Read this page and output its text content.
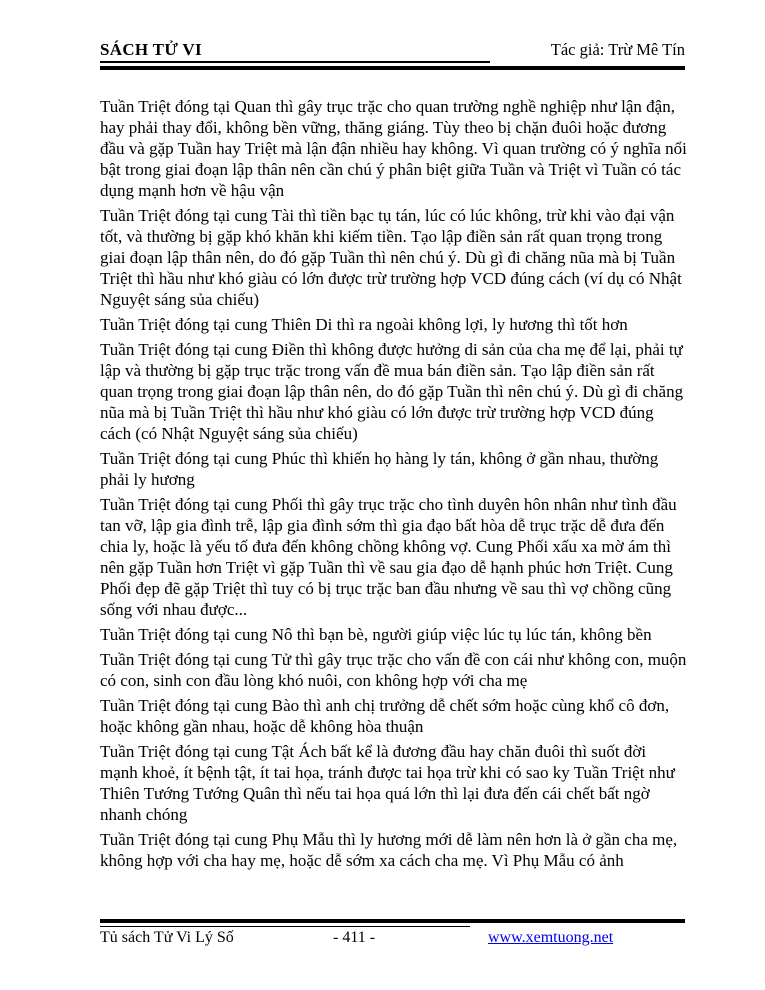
SÁCH TỬ VI	Tác giả: Trừ Mê Tín

Tuần Triệt đóng tại Quan thì gây trục trặc cho quan trường nghề nghiệp như lận đận, hay phải thay đổi, không bền vững, thăng giáng. Tùy theo bị chặn đuôi hoặc đương đầu và gặp Tuần hay Triệt mà lận đận nhiều hay không. Vì quan trường có ý nghĩa nổi bật trong giai đoạn lập thân nên cần chú ý phân biệt giữa Tuần và Triệt vì Tuần có tác dụng mạnh hơn về hậu vận

Tuần Triệt đóng tại cung Tài thì tiền bạc tụ tán, lúc có lúc không, trừ khi vào đại vận tốt, và thường bị gặp khó khăn khi kiếm tiền. Tạo lập điền sản rất quan trọng trong giai đoạn lập thân nên, do đó gặp Tuần thì nên chú ý. Dù gì đi chăng nũa mà bị Tuần Triệt thì hầu như khó giàu có lớn được trừ trường hợp VCD đúng cách (ví dụ có Nhật Nguyệt sáng sủa chiếu)

Tuần Triệt đóng tại cung Thiên Di thì ra ngoài không lợi, ly hương thì tốt hơn

Tuần Triệt đóng tại cung Điền thì không được hưởng di sản của cha mẹ để lại, phải tự lập và thường bị gặp trục trặc trong vấn đề mua bán điền sản. Tạo lập điền sản rất quan trọng trong giai đoạn lập thân nên, do đó gặp Tuần thì nên chú ý. Dù gì đi chăng nũa mà bị Tuần Triệt thì hầu như khó giàu có lớn được trừ trường hợp VCD đúng cách (có Nhật Nguyệt sáng sủa chiếu)

Tuần Triệt đóng tại cung Phúc thì khiến họ hàng ly tán, không ở gần nhau, thường phải ly hương

Tuần Triệt đóng tại cung Phối thì gây trục trặc cho tình duyên hôn nhân như tình đầu tan vỡ, lập gia đình trễ, lập gia đình sớm thì gia đạo bất hòa dễ trục trặc dễ đưa đến chia ly, hoặc là yếu tố đưa đến không chồng không vợ. Cung Phối xấu xa mờ ám thì nên gặp Tuần hơn Triệt vì gặp Tuần thì về sau gia đạo dễ hạnh phúc hơn Triệt. Cung Phối đẹp đẽ gặp Triệt thì tuy có bị trục trặc ban đầu nhưng về sau thì vợ chồng cũng sống với nhau được...

Tuần Triệt đóng tại cung Nô thì bạn bè, người giúp việc lúc tụ lúc tán, không bền

Tuần Triệt đóng tại cung Tử thì gây trục trặc cho vấn đề con cái như không con, muộn có con, sinh con đầu lòng khó nuôi, con không hợp với cha mẹ

Tuần Triệt đóng tại cung Bào thì anh chị trưởng dễ chết sớm hoặc cùng khổ cô đơn, hoặc không gần nhau, hoặc dễ không hòa thuận

Tuần Triệt đóng tại cung Tật Ách bất kể là đương đầu hay chăn đuôi thì suốt đời mạnh khoẻ, ít bệnh tật, ít tai họa, tránh được tai họa trừ khi có sao ky Tuần Triệt như Thiên Tướng Tướng Quân thì nếu tai họa quá lớn thì lại đưa đến cái chết bất ngờ nhanh chóng

Tuần Triệt đóng tại cung Phụ Mẫu thì ly hương mới dễ làm nên hơn là ở gần cha mẹ, không hợp với cha hay mẹ, hoặc dễ sớm xa cách cha mẹ. Vì Phụ Mẫu có ảnh

Tủ sách Tử Vi Lý Số	- 411 -	www.xemtuong.net
